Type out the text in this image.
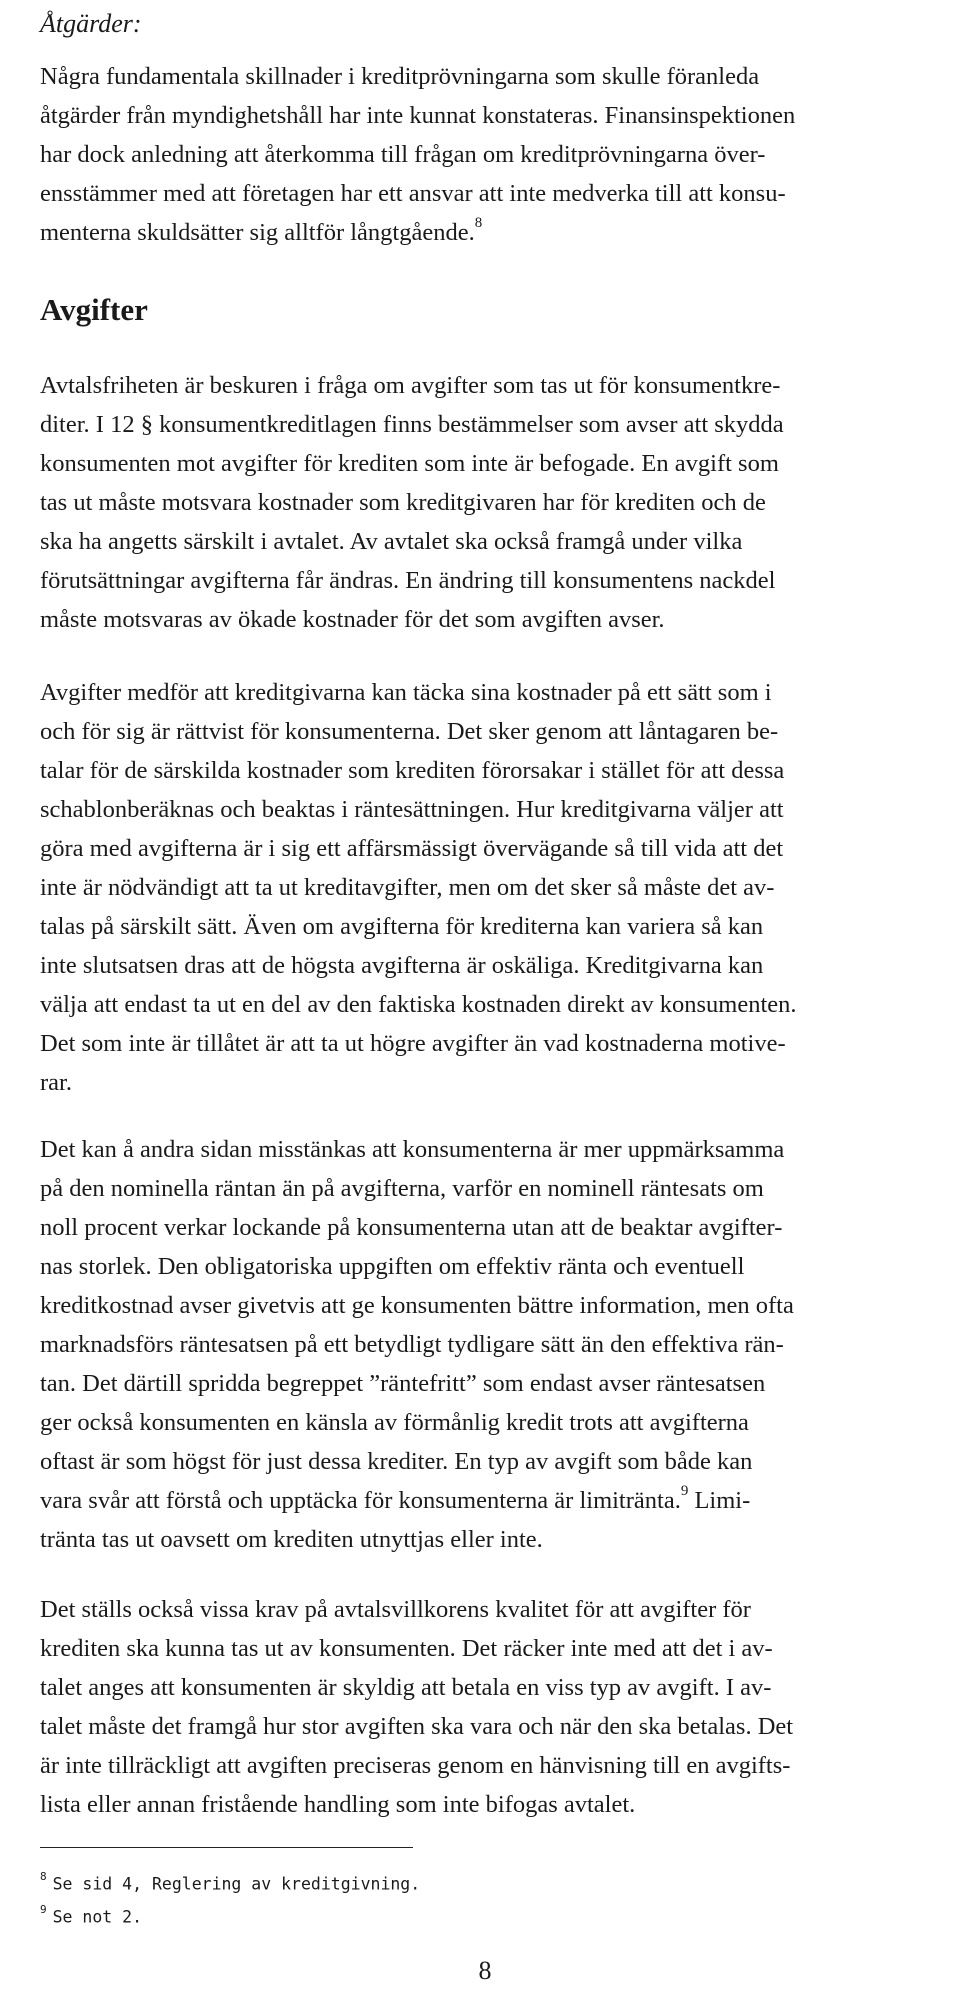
Åtgärder:

Några fundamentala skillnader i kreditprövningarna som skulle föranleda
åtgärder från myndighetshåll har inte kunnat konstateras. Finansinspektionen
har dock anledning att återkomma till frågan om kreditprövningarna över-
ensstämmer med att företagen har ett ansvar att inte medverka till att konsu-
menterna skuldsätter sig alltför långtgående.$^8$

Avgifter

Avtalsfriheten är beskuren i fråga om avgifter som tas ut för konsumentkre-
diter. I 12 § konsumentkreditlagen finns bestämmelser som avser att skydda
konsumenten mot avgifter för krediten som inte är befogade. En avgift som
tas ut måste motsvara kostnader som kreditgivaren har för krediten och de
ska ha angetts särskilt i avtalet. Av avtalet ska också framgå under vilka
förutsättningar avgifterna får ändras. En ändring till konsumentens nackdel
måste motsvaras av ökade kostnader för det som avgiften avser.

Avgifter medför att kreditgivarna kan täcka sina kostnader på ett sätt som i
och för sig är rättvist för konsumenterna. Det sker genom att låntagaren be-
talar för de särskilda kostnader som krediten förorsakar i stället för att dessa
schablonberäknas och beaktas i räntesättningen. Hur kreditgivarna väljer att
göra med avgifterna är i sig ett affärsmässigt övervägande så till vida att det
inte är nödvändigt att ta ut kreditavgifter, men om det sker så måste det av-
talas på särskilt sätt. Även om avgifterna för krediterna kan variera så kan
inte slutsatsen dras att de högsta avgifterna är oskäliga. Kreditgivarna kan
välja att endast ta ut en del av den faktiska kostnaden direkt av konsumenten.
Det som inte är tillåtet är att ta ut högre avgifter än vad kostnaderna motive-
rar.

Det kan å andra sidan misstänkas att konsumenterna är mer uppmärksamma
på den nominella räntan än på avgifterna, varför en nominell räntesats om
noll procent verkar lockande på konsumenterna utan att de beaktar avgifter-
nas storlek. Den obligatoriska uppgiften om effektiv ränta och eventuell
kreditkostnad avser givetvis att ge konsumenten bättre information, men ofta
marknadsförs räntesatsen på ett betydligt tydligare sätt än den effektiva rän-
tan. Det därtill spridda begreppet ”räntefritt” som endast avser räntesatsen
ger också konsumenten en känsla av förmånlig kredit trots att avgifterna
oftast är som högst för just dessa krediter. En typ av avgift som både kan
vara svår att förstå och upptäcka för konsumenterna är limitränta.$^9$ Limi-
tränta tas ut oavsett om krediten utnyttjas eller inte.

Det ställs också vissa krav på avtalsvillkorens kvalitet för att avgifter för
krediten ska kunna tas ut av konsumenten. Det räcker inte med att det i av-
talet anges att konsumenten är skyldig att betala en viss typ av avgift. I av-
talet måste det framgå hur stor avgiften ska vara och när den ska betalas. Det
är inte tillräckligt att avgiften preciseras genom en hänvisning till en avgifts-
lista eller annan fristående handling som inte bifogas avtalet.

$^8$ Se sid 4, Reglering av kreditgivning.
$^9$ Se not 2.

8
